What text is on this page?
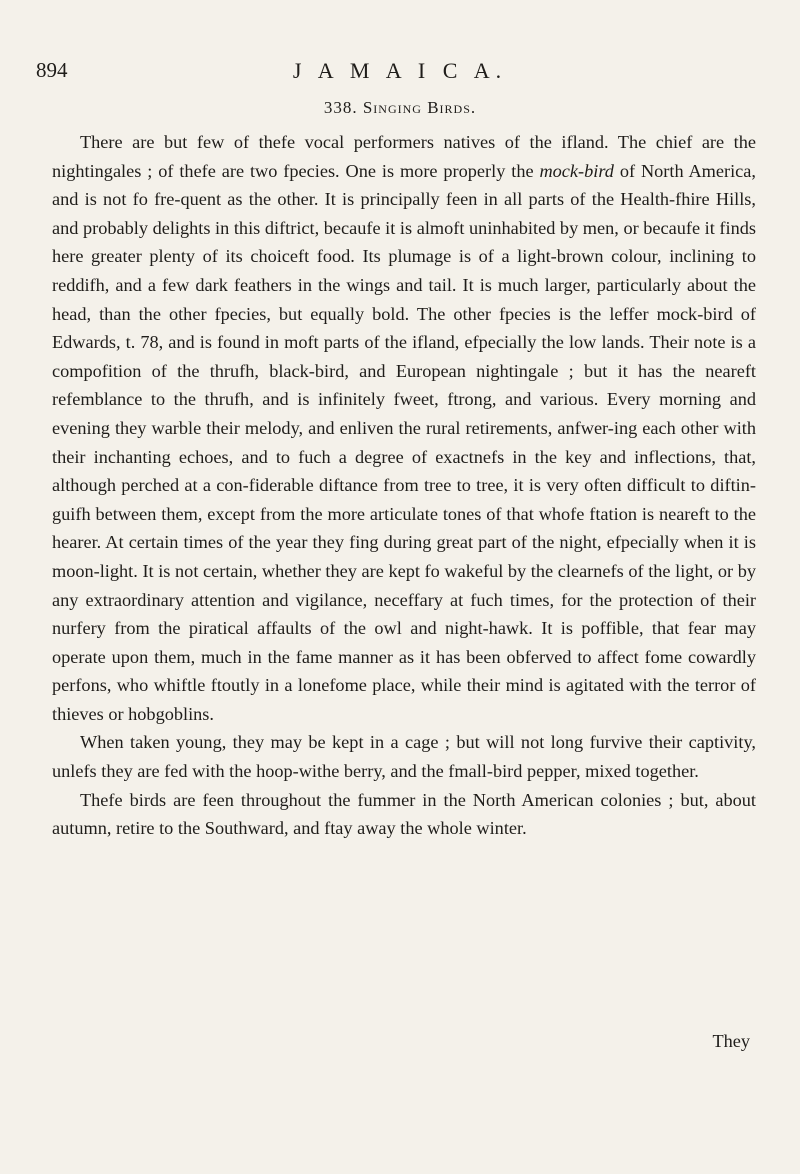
894	J A M A I C A.
338. Singing Birds.

There are but few of thefe vocal performers natives of the ifland. The chief are the nightingales ; of thefe are two fpecies. One is more properly the mock-bird of North America, and is not fo fre-quent as the other. It is principally feen in all parts of the Health-fhire Hills, and probably delights in this diftrict, becaufe it is almoft uninhabited by men, or becaufe it finds here greater plenty of its choiceft food. Its plumage is of a light-brown colour, inclining to reddifh, and a few dark feathers in the wings and tail. It is much larger, particularly about the head, than the other fpecies, but equally bold. The other fpecies is the leffer mock-bird of Edwards, t. 78, and is found in moft parts of the ifland, efpecially the low lands. Their note is a compofition of the thrufh, black-bird, and European nightingale ; but it has the neareft refemblance to the thrufh, and is infinitely fweet, ftrong, and various. Every morning and evening they warble their melody, and enliven the rural retirements, anfwer-ing each other with their inchanting echoes, and to fuch a degree of exactnefs in the key and inflections, that, although perched at a con-fiderable diftance from tree to tree, it is very often difficult to diftin-guifh between them, except from the more articulate tones of that whofe ftation is neareft to the hearer. At certain times of the year they fing during great part of the night, efpecially when it is moon-light. It is not certain, whether they are kept fo wakeful by the clearnefs of the light, or by any extraordinary attention and vigilance, neceffary at fuch times, for the protection of their nurfery from the piratical affaults of the owl and night-hawk. It is poffible, that fear may operate upon them, much in the fame manner as it has been obferved to affect fome cowardly perfons, who whiftle ftoutly in a lonefome place, while their mind is agitated with the terror of thieves or hobgoblins.

When taken young, they may be kept in a cage ; but will not long furvive their captivity, unlefs they are fed with the hoop-withe berry, and the fmall-bird pepper, mixed together.

Thefe birds are feen throughout the fummer in the North American colonies ; but, about autumn, retire to the Southward, and ftay away the whole winter.

They
